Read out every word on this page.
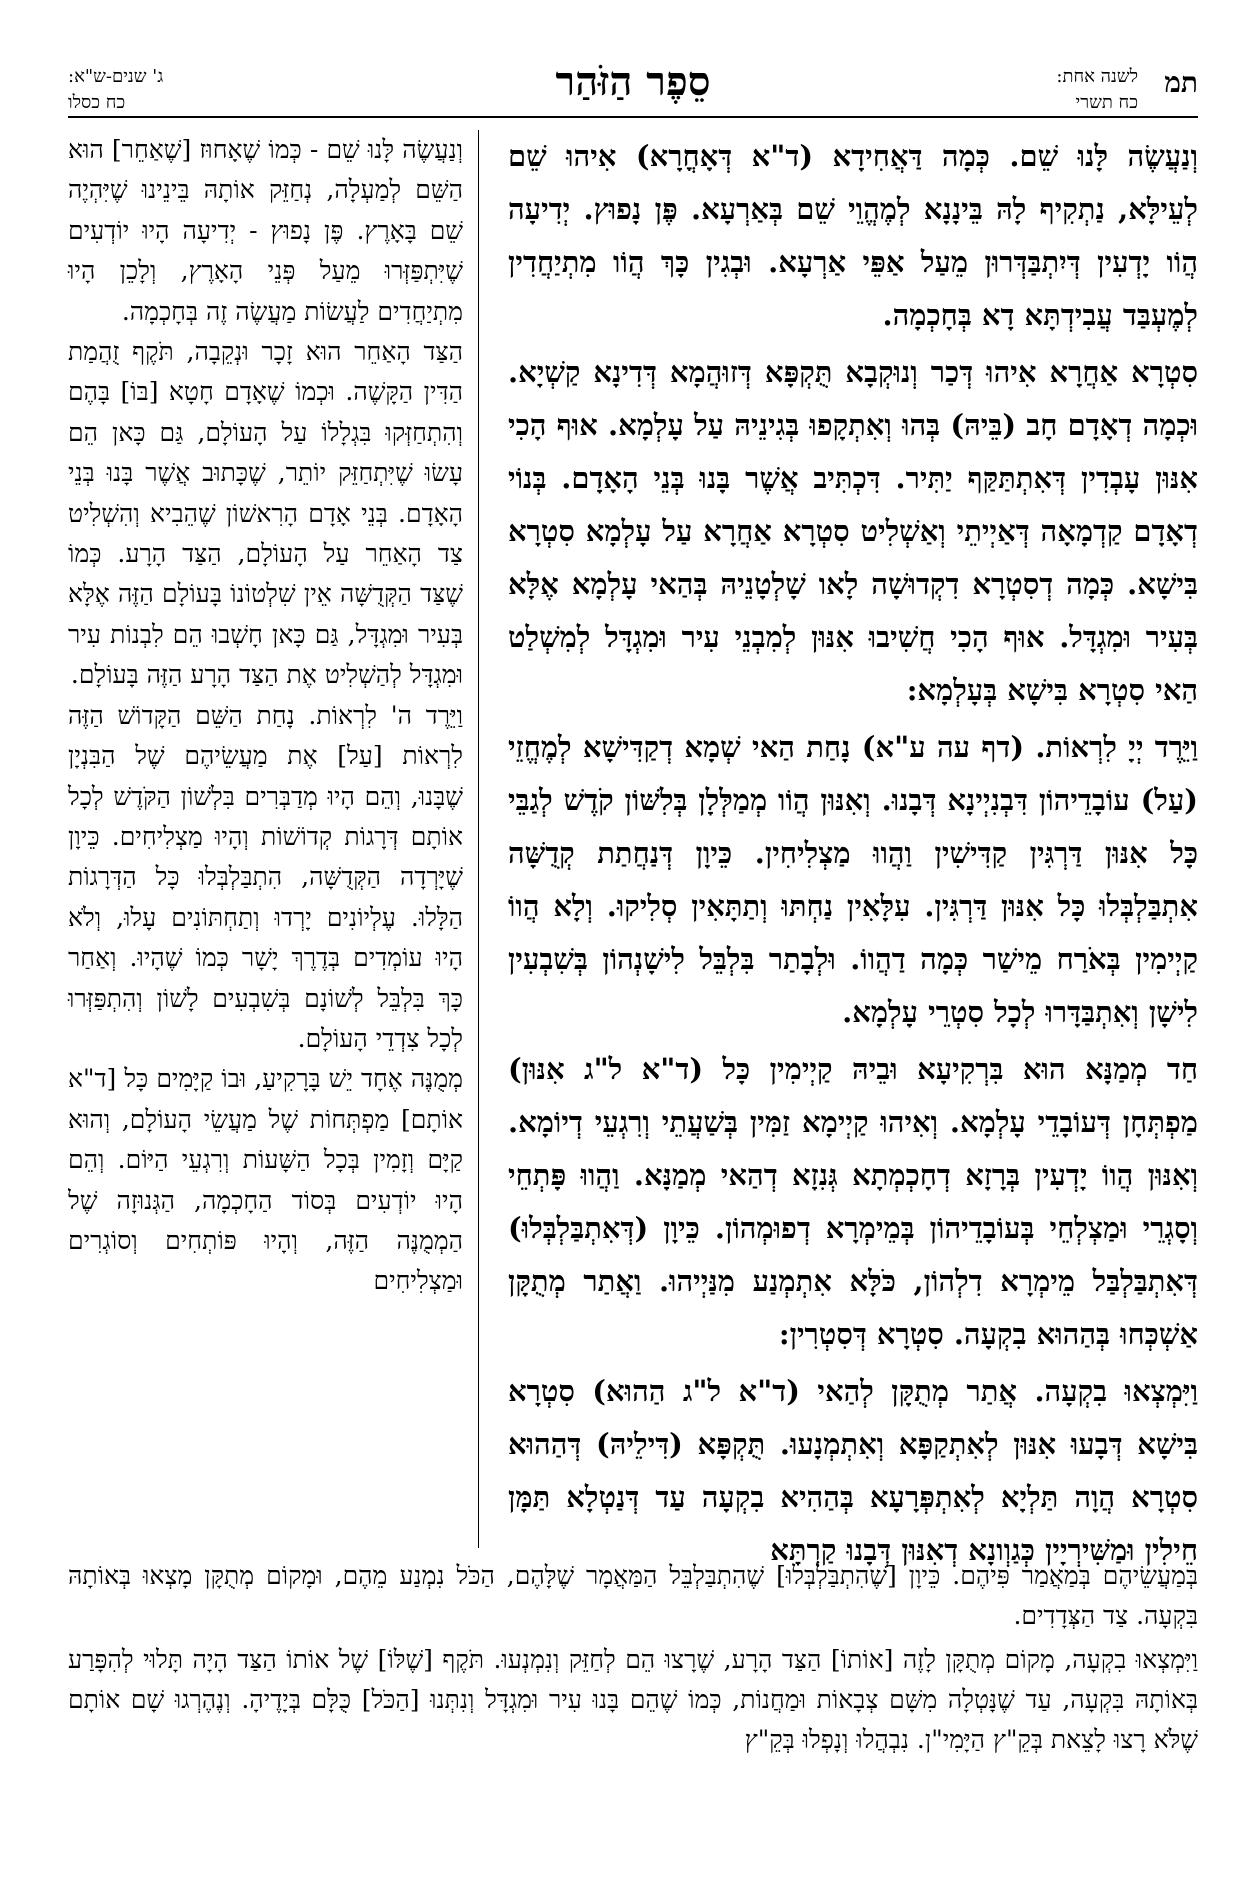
תמ
לשנה אחת:
כח תשרי
סֵפֶר הַזֹּהַר
ג' שנים-ש"א:
כח כסלו

וְנַעֲשֶׂה לָּנוּ שֵׁם. כְּמָה דַּאֲחִידָא (ד"א דְּאָחֳרָא) אִיהוּ שֵׁם לְעֵילָּא, נַתְקִיף לָהּ בֵּינָנָא לְמֶהֱוֵי שֵׁם בְּאַרְעָא. פֶּן נָפוּץ. יְדִיעָה הֲוֹו יָדְעִין דְּיִתְבַּדְּרוּן מֵעַל אַפֵּי אַרְעָא. וּבְגִין כָּךְ הֲוֹו מִתְיַחֲדִין לְמֶעְבַּד עֲבִידְתָּא דָא בְּחָכְמָה.

סִטְרָא אַחֲרָא אִיהוּ דְּכַר וְנוּקְבָא תֻּקְפָּא דְּזוּהֲמָא דְּדִינָא קַשְׁיָא. וּכְמָה דְאָדָם חָב (בֵּיהּ) בְּהוּ וְאִתְקָפוּ בְּגִינֵיהּ עַל עָלְמָא. אוּף הָכִי אִנּוּן עָבְדִין דְּאִתְתַּקַּף יַתִּיר. דִּכְתִּיב אֲשֶׁר בָּנוּ בְּנֵי הָאָדָם. בְּנוֹי דְאָדָם קַדְמָאָה דְּאַיְיתֵי וְאַשְׁלִיט סִטְרָא אַחֲרָא עַל עָלְמָא סִטְרָא בִּישָׁא. כְּמָה דְסִטְרָא דִקְדוּשָׁה לָאו שָׁלְטָנֵיהּ בְּהַאי עָלְמָא אֶלָּא בְּעִיר וּמִגְדָּל. אוּף הָכִי חֲשִׁיבוּ אִנּוּן לְמִבְנֵי עִיר וּמִגְדָּל לְמִשְׁלַט הַאי סִטְרָא בִּישָׁא בְּעָלְמָא:

וַיֵּרֶד יְיָ לִרְאוֹת. (דף עה ע"א) נָחַת הַאי שְׁמָא דְקַדִּישָׁא לְמֶחֱזֵי (עַל) עוֹבָדֵיהוֹן דִּבְנִיְינָא דְּבָנוּ. וְאִנּוּן הֲוֹו מְמַלְּלָן בְּלִשּׁוֹן קֹדֶשׁ לְגַבֵּי כָּל אִנּוּן דַּרְגִּין קַדִּישִׁין וַהֲווּ מַצְלִיחִין. כֵּיוָן דְּנַחֲתַת קְדֻשָּׁה אִתְבַּלְבְּלוּ כָּל אִנּוּן דַּרְגִּין. עִלָּאִין נַחְתּוּ וְתַתָּאִין סְלִיקוּ. וְלָא הֲווֹ קַיְימִין בְּאֹרַח מֵישַׁר כְּמָה דַהֲווֹ. וּלְבָתַר בִּלְבֵּל לִישָׁנְהוֹן בְּשִׁבְעִין לִישָׁן וְאִתְבַּדָּרוּ לְכָל סִטְרֵי עָלְמָא.

חַד מְמַנָּא הוּא בִּרְקִיעָא וּבֵיהּ קַיְימִין כָּל (ד"א ל"ג אִנּוּן) מַפְתְּחָן דְּעוֹבָדֵי עָלְמָא. וְאִיהוּ קַיְימָא זַמִּין בְּשַׁעֲתֵי וְרִגְעֵי דְיוֹמָא. וְאִנּוּן הֲווֹ יָדְעִין בְּרָזָא דְחָכְמְתָא גְּנִזָא דְהַאי מְמַנָּא. וַהֲווּ פָּתְחֵי וְסָגְרֵי וּמַצְלְחֵי בְּעוֹבָדֵיהוֹן בְּמֵימְרָא דְפוּמְהוֹן. כֵּיוָן (דְּאִתְבַּלְבְּלוּ) דְּאִתְבַּלְבַּל מֵימְרָא דִלְהוֹן, כֹּלָּא אִתְמְנַע מִנַּיְיהוּ. וַאֲתַר מְתֻקָּן אַשְׁכְּחוּ בְּהַהוּא בִקְעָה. סִטְרָא דְּסִטְרִין:

וַיִּמְצְאוּ בִקְעָה. אֲתַר מְתֻקָּן לְהַאי (ד"א ל"ג הַהוּא) סִטְרָא בִּישָׁא דְּבָעוּ אִנּוּן לְאִתְקַפָּא וְאִתְמְנָעוּ. תֻּקְפָּא (דִּילֵיהּ) דְּהַהוּא סִטְרָא הֲוָה תַּלְיָא לְאִתְפְּרָעָא בְּהַהִיא בִקְעָה עַד דְּנַטְלָא תַּמָּן חֵילִין וּמַשִּׁירְיָין כְּגַוְונָא דְאִנּוּן דְּבָנוּ קַרְתָּא

וְנַעֲשֶׂה לָּנוּ שֵׁם - כְּמוֹ שֶׁאָחוּז [שֶׁאַחֵר] הוּא הַשֵּׁם לְמַעְלָה, נְחַזֵּק אוֹתָהּ בֵּינֵינוּ שֶׁיִּהְיֶה שֵׁם בָּאָרֶץ. פֶּן נָפוּץ - יְדִיעָה הָיוּ יוֹדְעִים שֶׁיִּתְפַּזְּרוּ מֵעַל פְּנֵי הָאָרֶץ, וְלָכֵן הָיוּ מִתְיַחֲדִים לַעֲשׂוֹת מַעֲשֶׂה זֶה בְּחָכְמָה.

הַצַּד הָאַחֵר הוּא זָכָר וּנְקֵבָה, תֹּקֶף זֻהֲמַת הַדִּין הַקָּשֶׁה. וּכְמוֹ שֶׁאָדָם חָטָא [בּוֹ] בָּהֶם וְהִתְחַזְּקוּ בִּגְלָלוֹ עַל הָעוֹלָם, גַּם כָּאן הֵם עָשׂוּ שֶׁיִּתְחַזֵּק יוֹתֵר, שֶׁכָּתוּב אֲשֶׁר בָּנוּ בְּנֵי הָאָדָם. בְּנֵי אָדָם הָרִאשׁוֹן שֶׁהֵבִיא וְהִשְׁלִיט צַד הָאַחֵר עַל הָעוֹלָם, הַצַּד הָרָע. כְּמוֹ שֶׁצַּד הַקְּדֻשָּׁה אֵין שִׁלְטוֹנוֹ בָּעוֹלָם הַזֶּה אֶלָּא בְּעִיר וּמִגְדָּל, גַּם כָּאן חָשְׁבוּ הֵם לִבְנוֹת עִיר וּמִגְדָּל לְהַשְׁלִיט אֶת הַצַּד הָרָע הַזֶּה בָּעוֹלָם.

וַיֵּרֶד ה' לִרְאוֹת. נָחַת הַשֵּׁם הַקָּדוֹשׁ הַזֶּה לִרְאוֹת [עַל] אֶת מַעֲשֵׂיהֶם שֶׁל הַבִּנְיָן שֶׁבָּנוּ, וְהֵם הָיוּ מְדַבְּרִים בִּלְשׁוֹן הַקֹּדֶשׁ לְכָל אוֹתָם דְּרָגוֹת קְדוֹשׁוֹת וְהָיוּ מַצְלִיחִים. כֵּיוָן שֶׁיָּרְדָה הַקְּדֻשָּׁה, הִתְבַּלְבְּלוּ כָּל הַדְּרָגוֹת הַלָּלוּ. עֶלְיוֹנִים יָרְדוּ וְתַחְתּוֹנִים עָלוּ, וְלֹא הָיוּ עוֹמְדִים בְּדֶרֶךְ יָשָׁר כְּמוֹ שֶׁהָיוּ. וְאַחַר כָּךְ בִּלְבֵּל לְשׁוֹנָם בְּשִׁבְעִים לָשׁוֹן וְהִתְפַּזְּרוּ לְכָל צִדְדֵי הָעוֹלָם.

מְמֻנֶּה אֶחָד יֵשׁ בָּרָקִיעַ, וּבוֹ קַיָּמִים כָּל [ד"א אוֹתָם] מַפְתְּחוֹת שֶׁל מַעֲשֵׂי הָעוֹלָם, וְהוּא קַיָּם וְזָמִין בְּכָל הַשָּׁעוֹת וְרִגְעֵי הַיּוֹם. וְהֵם הָיוּ יוֹדְעִים בְּסוֹד הַחָכְמָה, הַגְּנוּזָה שֶׁל הַמְמֻנֶּה הַזֶּה, וְהָיוּ פּוֹתְחִים וְסוֹגְרִים וּמַצְלִיחִים

בְּמַעֲשֵׂיהֶם בְּמַאֲמַר פִּיהֶם. כֵּיוָן [שֶׁהִתְבַּלְבְּלוּ] שֶׁהִתְבַּלְבֵּל הַמַּאֲמָר שֶׁלָּהֶם, הַכֹּל נִמְנַע מֵהֶם, וּמָקוֹם מְתֻקָּן מָצְאוּ בְּאוֹתָהּ בִּקְעָה. צַד הַצְּדָדִים.

וַיִּמְצְאוּ בִקְעָה, מָקוֹם מְתֻקָּן לָזֶה [אוֹתוֹ] הַצַּד הָרָע, שֶׁרָצוּ הֵם לְחַזֵּק וְנִמְנְעוּ. תֹּקֶף [שֶׁלּוֹ] שֶׁל אוֹתוֹ הַצַּד הָיָה תָּלוּי לְהִפָּרַע בְּאוֹתָהּ בִּקְעָה, עַד שֶׁנָּטְלָה מִשָּׁם צְבָאוֹת וּמַחֲנוֹת, כְּמוֹ שֶׁהֵם בָּנוּ עִיר וּמִגְדָּל וְנִתְּנוּ [הַכֹּל] כֻּלָּם בְּיָדֶיהָ. וְנֶהֶרְגוּ שָׁם אוֹתָם שֶׁלֹּא רָצוּ לָצֵאת בְּקֵ"ץ הַיָּמִי"ן. נִבְהֲלוּ וְנָפְלוּ בְּקֵ"ץ
